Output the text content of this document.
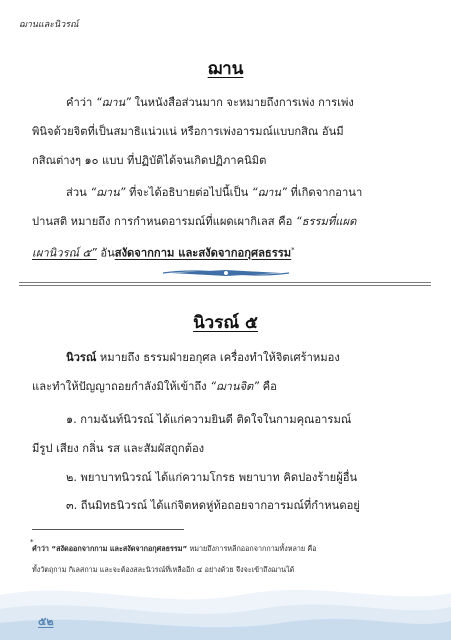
ฌานและนิวรณ์
ฌาน
คำว่า “ฌาน” ในหนังสือส่วนมาก จะหมายถึงการเพ่ง การเพ่ง
พินิจด้วยจิตที่เป็นสมาธิแน่วแน่ หรือการเพ่งอารมณ์แบบกสิณ อันมี
กสิณต่างๆ ๑๐ แบบ ที่ปฏิบัติได้จนเกิดปฏิภาคนิมิต
ส่วน “ฌาน” ที่จะได้อธิบายต่อไปนี้เป็น “ฌาน” ที่เกิดจากอานา
ปานสติ หมายถึง การกำหนดอารมณ์ที่แผดเผากิเลส คือ “ธรรมที่แผด
เผานิวรณ์ ๕” อันสงัดจากกาม และสงัดจากอกุศลธรรม*
นิวรณ์ ๕
นิวรณ์ หมายถึง ธรรมฝ่ายอกุศล เครื่องทำให้จิตเศร้าหมอง
และทำให้ปัญญาถอยกำลังมิให้เข้าถึง “ฌานจิต” คือ
๑. กามฉันท์นิวรณ์ ได้แก่ความยินดี ติดใจในกามคุณอารมณ์
มีรูป เสียง กลิ่น รส และสัมผัสถูกต้อง
๒. พยาบาทนิวรณ์ ได้แก่ความโกรธ พยาบาท คิดปองร้ายผู้อื่น
๓. ถีนมิทธนิวรณ์ ได้แก่จิตหดหู่ท้อถอยจากอารมณ์ที่กำหนดอยู่
*
คำว่า “สงัดออกจากกาม และสงัดจากอกุศลธรรม” หมายถึงการหลีกออกจากกามทั้งหลาย คือ
ทั้งวัตถุกาม กิเลสกาม และจะต้องสละนิวรณ์ที่เหลืออีก ๔ อย่างด้วย จึงจะเข้าถึงฌานได้
๕๒
